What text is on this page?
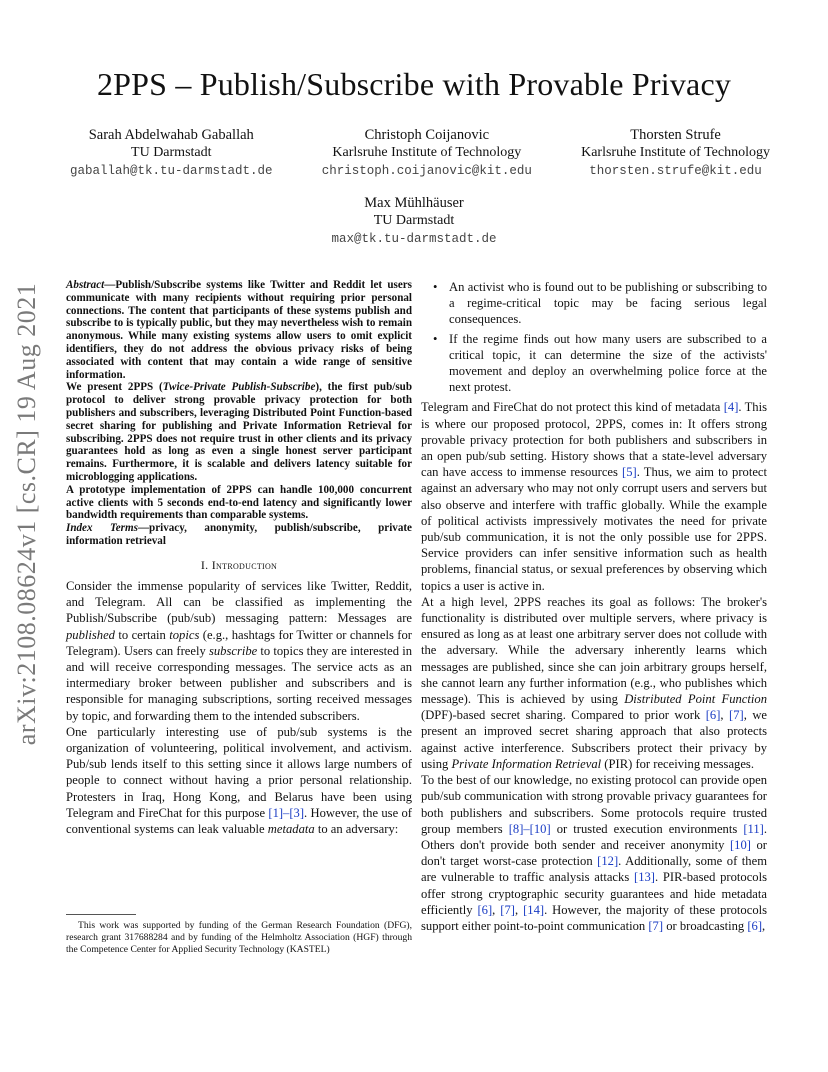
arXiv:2108.08624v1 [cs.CR] 19 Aug 2021
2PPS – Publish/Subscribe with Provable Privacy
Sarah Abdelwahab Gaballah
TU Darmstadt
gaballah@tk.tu-darmstadt.de
Christoph Coijanovic
Karlsruhe Institute of Technology
christoph.coijanovic@kit.edu
Thorsten Strufe
Karlsruhe Institute of Technology
thorsten.strufe@kit.edu
Max Mühlhäuser
TU Darmstadt
max@tk.tu-darmstadt.de

Abstract—Publish/Subscribe systems like Twitter and Reddit let users communicate with many recipients without requiring prior personal connections. The content that participants of these systems publish and subscribe to is typically public, but they may nevertheless wish to remain anonymous. While many existing systems allow users to omit explicit identifiers, they do not address the obvious privacy risks of being associated with content that may contain a wide range of sensitive information.

We present 2PPS (Twice-Private Publish-Subscribe), the first pub/sub protocol to deliver strong provable privacy protection for both publishers and subscribers, leveraging Distributed Point Function-based secret sharing for publishing and Private Information Retrieval for subscribing. 2PPS does not require trust in other clients and its privacy guarantees hold as long as even a single honest server participant remains. Furthermore, it is scalable and delivers latency suitable for microblogging applications.

A prototype implementation of 2PPS can handle 100,000 concurrent active clients with 5 seconds end-to-end latency and significantly lower bandwidth requirements than comparable systems.

Index Terms—privacy, anonymity, publish/subscribe, private information retrieval

I. Introduction

Consider the immense popularity of services like Twitter, Reddit, and Telegram. All can be classified as implementing the Publish/Subscribe (pub/sub) messaging pattern: Messages are published to certain topics (e.g., hashtags for Twitter or channels for Telegram). Users can freely subscribe to topics they are interested in and will receive corresponding messages. The service acts as an intermediary broker between publisher and subscribers and is responsible for managing subscriptions, sorting received messages by topic, and forwarding them to the intended subscribers.

One particularly interesting use of pub/sub systems is the organization of volunteering, political involvement, and activism. Pub/sub lends itself to this setting since it allows large numbers of people to connect without having a prior personal relationship. Protesters in Iraq, Hong Kong, and Belarus have been using Telegram and FireChat for this purpose [1]–[3]. However, the use of conventional systems can leak valuable metadata to an adversary:

This work was supported by funding of the German Research Foundation (DFG), research grant 317688284 and by funding of the Helmholtz Association (HGF) through the Competence Center for Applied Security Technology (KASTEL)
• An activist who is found out to be publishing or subscribing to a regime-critical topic may be facing serious legal consequences.
• If the regime finds out how many users are subscribed to a critical topic, it can determine the size of the activists' movement and deploy an overwhelming police force at the next protest.

Telegram and FireChat do not protect this kind of metadata [4]. This is where our proposed protocol, 2PPS, comes in: It offers strong provable privacy protection for both publishers and subscribers in an open pub/sub setting. History shows that a state-level adversary can have access to immense resources [5]. Thus, we aim to protect against an adversary who may not only corrupt users and servers but also observe and interfere with traffic globally. While the example of political activists impressively motivates the need for private pub/sub communication, it is not the only possible use for 2PPS. Service providers can infer sensitive information such as health problems, financial status, or sexual preferences by observing which topics a user is active in.

At a high level, 2PPS reaches its goal as follows: The broker's functionality is distributed over multiple servers, where privacy is ensured as long as at least one arbitrary server does not collude with the adversary. While the adversary inherently learns which messages are published, since she can join arbitrary groups herself, she cannot learn any further information (e.g., who publishes which message). This is achieved by using Distributed Point Function (DPF)-based secret sharing. Compared to prior work [6], [7], we present an improved secret sharing approach that also protects against active interference. Subscribers protect their privacy by using Private Information Retrieval (PIR) for receiving messages.

To the best of our knowledge, no existing protocol can provide open pub/sub communication with strong provable privacy guarantees for both publishers and subscribers. Some protocols require trusted group members [8]–[10] or trusted execution environments [11]. Others don't provide both sender and receiver anonymity [10] or don't target worst-case protection [12]. Additionally, some of them are vulnerable to traffic analysis attacks [13]. PIR-based protocols offer strong cryptographic security guarantees and hide metadata efficiently [6], [7], [14]. However, the majority of these protocols support either point-to-point communication [7] or broadcasting [6],
